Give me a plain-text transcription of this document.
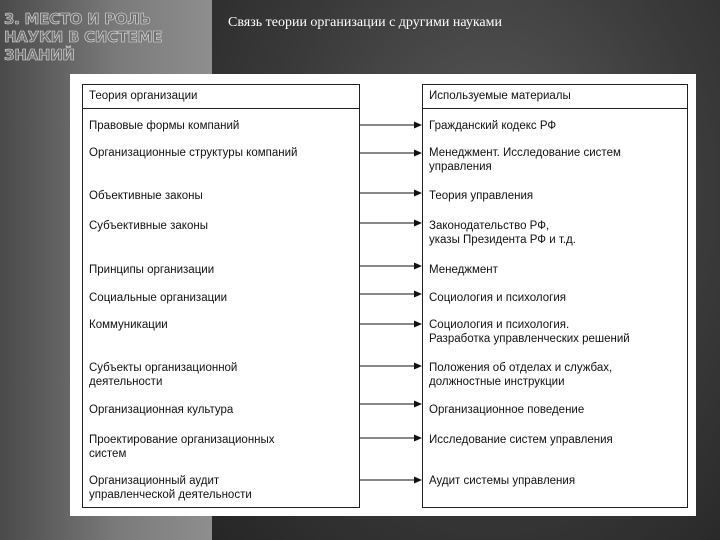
3. МЕСТО И РОЛЬ НАУКИ В СИСТЕМЕ ЗНАНИЙ
Связь теории организации с другими науками
Теория организации
Правовые формы компаний
Организационные структуры компаний
Объективные законы
Субъективные законы
Принципы организации
Социальные организации
Коммуникации
Субъекты организационной
деятельности
Организационная культура
Проектирование организационных
систем
Организационный аудит
управленческой деятельности
Используемые материалы
Гражданский кодекс РФ
Менеджмент. Исследование систем
управления
Теория управления
Законодательство РФ,
указы Президента РФ и т.д.
Менеджмент
Социология и психология
Социология и психология.
Разработка управленческих решений
Положения об отделах и службах,
должностные инструкции
Организационное поведение
Исследование систем управления
Аудит системы управления
